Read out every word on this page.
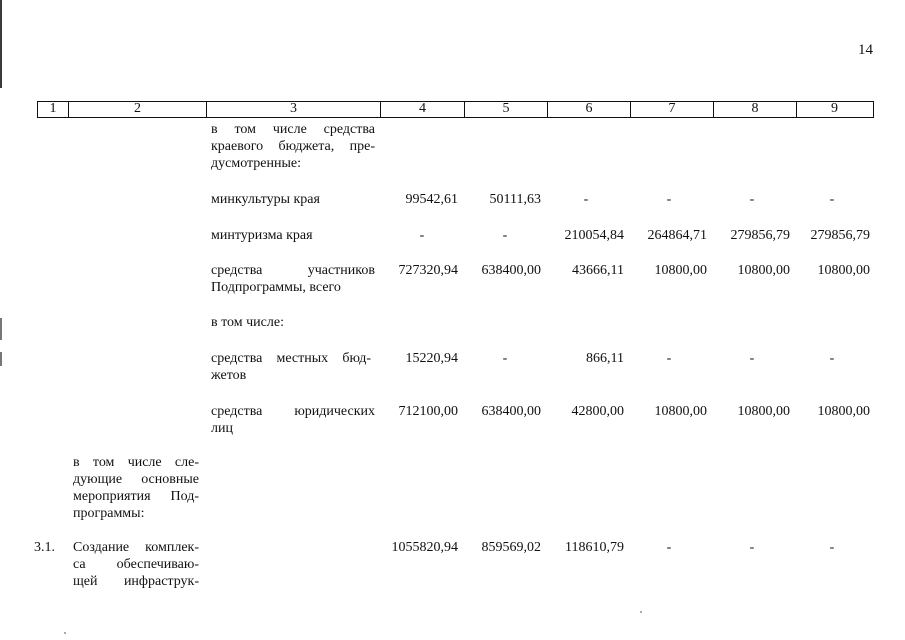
14
1	2	3	4	5	6	7	8	9
в том числе средства
краевого бюджета, пре-
дусмотренные:
минкультуры края	99542,61	50111,63	-	-	-	-
минтуризма края	-	-	210054,84	264864,71	279856,79	279856,79
средства участников
Подпрограммы, всего
727320,94	638400,00	43666,11	10800,00	10800,00	10800,00
в том числе:
средства местных бюд-
жетов
15220,94	-	866,11	-	-	-
средства юридических
лиц
712100,00	638400,00	42800,00	10800,00	10800,00	10800,00
в том числе сле-
дующие основные
мероприятия Под-
программы:
3.1. Создание комплек-
са обеспечиваю-
щей инфраструк-
1055820,94	859569,02	118610,79	-	-	-
